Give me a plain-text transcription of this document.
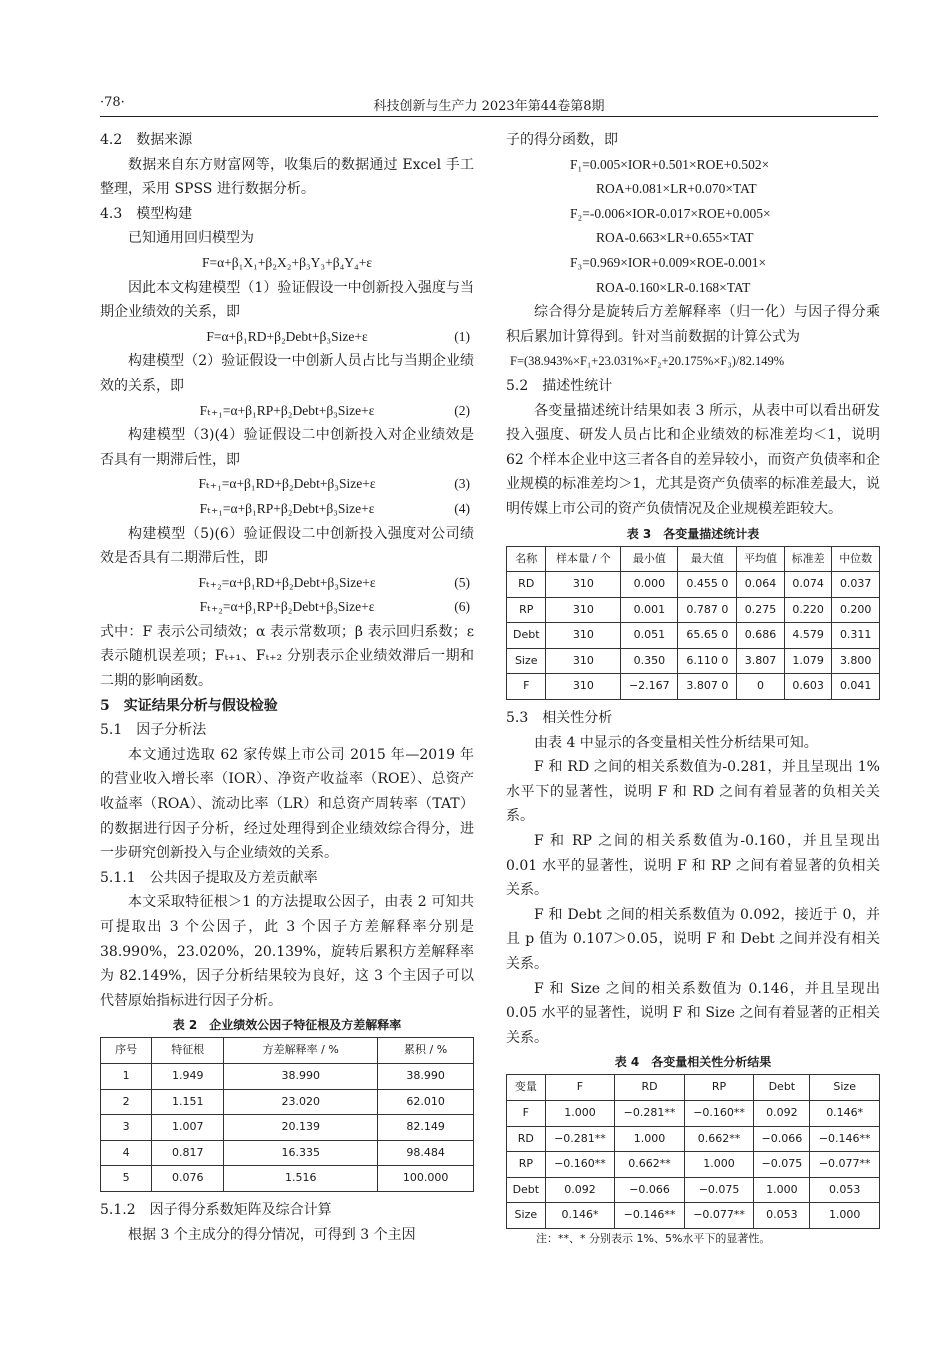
·78·	科技创新与生产力 2023年第44卷第8期

4.2　数据来源

数据来自东方财富网等，收集后的数据通过 Excel 手工整理，采用 SPSS 进行数据分析。

4.3　模型构建

已知通用回归模型为

F=α+β₁X₁+β₂X₂+β₃Y₃+β₄Y₄+ε

因此本文构建模型（1）验证假设一中创新投入强度与当期企业绩效的关系，即

F=α+β₁RD+β₂Debt+β₃Size+ε	(1)

构建模型（2）验证假设一中创新人员占比与当期企业绩效的关系，即

Fₜ₊₁=α+β₁RP+β₂Debt+β₃Size+ε	(2)

构建模型（3)(4）验证假设二中创新投入对企业绩效是否具有一期滞后性，即

Fₜ₊₁=α+β₁RD+β₂Debt+β₃Size+ε	(3)
Fₜ₊₁=α+β₁RP+β₂Debt+β₃Size+ε	(4)

构建模型（5)(6）验证假设二中创新投入强度对公司绩效是否具有二期滞后性，即

Fₜ₊₂=α+β₁RD+β₂Debt+β₃Size+ε	(5)
Fₜ₊₂=α+β₁RP+β₂Debt+β₃Size+ε	(6)

式中：F 表示公司绩效；α 表示常数项；β 表示回归系数；ε 表示随机误差项；Fₜ₊₁、Fₜ₊₂ 分别表示企业绩效滞后一期和二期的影响函数。

5　实证结果分析与假设检验

5.1　因子分析法

本文通过选取 62 家传媒上市公司 2015 年—2019 年的营业收入增长率（IOR）、净资产收益率（ROE）、总资产收益率（ROA）、流动比率（LR）和总资产周转率（TAT）的数据进行因子分析，经过处理得到企业绩效综合得分，进一步研究创新投入与企业绩效的关系。

5.1.1　公共因子提取及方差贡献率

本文采取特征根＞1 的方法提取公因子，由表 2 可知共可提取出 3 个公因子，此 3 个因子方差解释率分别是 38.990%，23.020%，20.139%，旋转后累积方差解释率为 82.149%，因子分析结果较为良好，这 3 个主因子可以代替原始指标进行因子分析。

表 2　企业绩效公因子特征根及方差解释率
序号	特征根	方差解释率 / %	累积 / %
1	1.949	38.990	38.990
2	1.151	23.020	62.010
3	1.007	20.139	82.149
4	0.817	16.335	98.484
5	0.076	1.516	100.000

5.1.2　因子得分系数矩阵及综合计算

根据 3 个主成分的得分情况，可得到 3 个主因

子的得分函数，即

F₁=0.005×IOR+0.501×ROE+0.502×

ROA+0.081×LR+0.070×TAT

F₂=-0.006×IOR-0.017×ROE+0.005×

ROA-0.663×LR+0.655×TAT

F₃=0.969×IOR+0.009×ROE-0.001×

ROA-0.160×LR-0.168×TAT

综合得分是旋转后方差解释率（归一化）与因子得分乘积后累加计算得到。针对当前数据的计算公式为

F=(38.943%×F₁+23.031%×F₂+20.175%×F₃)/82.149%

5.2　描述性统计

各变量描述统计结果如表 3 所示，从表中可以看出研发投入强度、研发人员占比和企业绩效的标准差均＜1，说明 62 个样本企业中这三者各自的差异较小，而资产负债率和企业规模的标准差均＞1，尤其是资产负债率的标准差最大，说明传媒上市公司的资产负债情况及企业规模差距较大。

表 3　各变量描述统计表
名称	样本量 / 个	最小值	最大值	平均值	标准差	中位数
RD	310	0.000	0.455 0	0.064	0.074	0.037
RP	310	0.001	0.787 0	0.275	0.220	0.200
Debt	310	0.051	65.65 0	0.686	4.579	0.311
Size	310	0.350	6.110 0	3.807	1.079	3.800
F	310	−2.167	3.807 0	0	0.603	0.041

5.3　相关性分析

由表 4 中显示的各变量相关性分析结果可知。

F 和 RD 之间的相关系数值为-0.281，并且呈现出 1% 水平下的显著性，说明 F 和 RD 之间有着显著的负相关关系。

F 和 RP 之间的相关系数值为-0.160，并且呈现出 0.01 水平的显著性，说明 F 和 RP 之间有着显著的负相关关系。

F 和 Debt 之间的相关系数值为 0.092，接近于 0，并且 p 值为 0.107＞0.05，说明 F 和 Debt 之间并没有相关关系。

F 和 Size 之间的相关系数值为 0.146，并且呈现出 0.05 水平的显著性，说明 F 和 Size 之间有着显著的正相关关系。

表 4　各变量相关性分析结果
变量	F	RD	RP	Debt	Size
F	1.000	−0.281**	−0.160**	0.092	0.146*
RD	−0.281**	1.000	0.662**	−0.066	−0.146**
RP	−0.160**	0.662**	1.000	−0.075	−0.077**
Debt	0.092	−0.066	−0.075	1.000	0.053
Size	0.146*	−0.146**	−0.077**	0.053	1.000
注：**、* 分别表示 1%、5%水平下的显著性。
